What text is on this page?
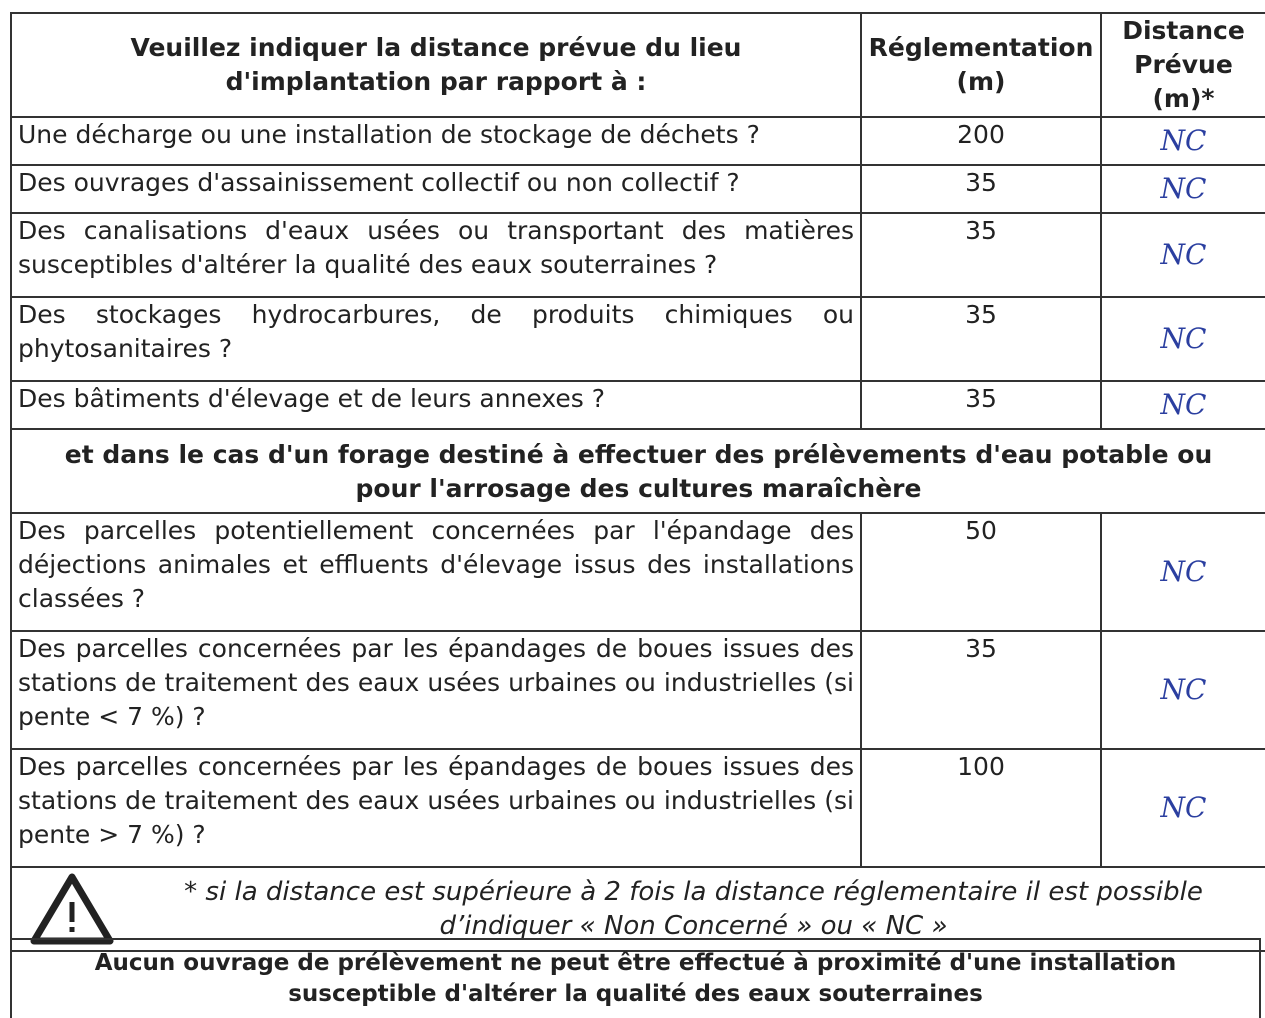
Veuillez indiquer la distance prévue du lieu d'implantation par rapport à :	Réglementation (m)	Distance Prévue (m)*
Une décharge ou une installation de stockage de déchets ?	200	NC
Des ouvrages d'assainissement collectif ou non collectif ?	35	NC
Des canalisations d'eaux usées ou transportant des matières susceptibles d'altérer la qualité des eaux souterraines ?	35	NC
Des stockages hydrocarbures, de produits chimiques ou phytosanitaires ?	35	NC
Des bâtiments d'élevage et de leurs annexes ?	35	NC
et dans le cas d'un forage destiné à effectuer des prélèvements d'eau potable ou pour l'arrosage des cultures maraîchère		
Des parcelles potentiellement concernées par l'épandage des déjections animales et effluents d'élevage issus des installations classées ?	50	NC
Des parcelles concernées par les épandages de boues issues des stations de traitement des eaux usées urbaines ou industrielles (si pente < 7 %) ?	35	NC
Des parcelles concernées par les épandages de boues issues des stations de traitement des eaux usées urbaines ou industrielles (si pente > 7 %) ?	100	NC

* si la distance est supérieure à 2 fois la distance réglementaire il est possible d’indiquer « Non Concerné » ou « NC »		
Aucun ouvrage de prélèvement ne peut être effectué à proximité d'une installation susceptible d'altérer la qualité des eaux souterraines
